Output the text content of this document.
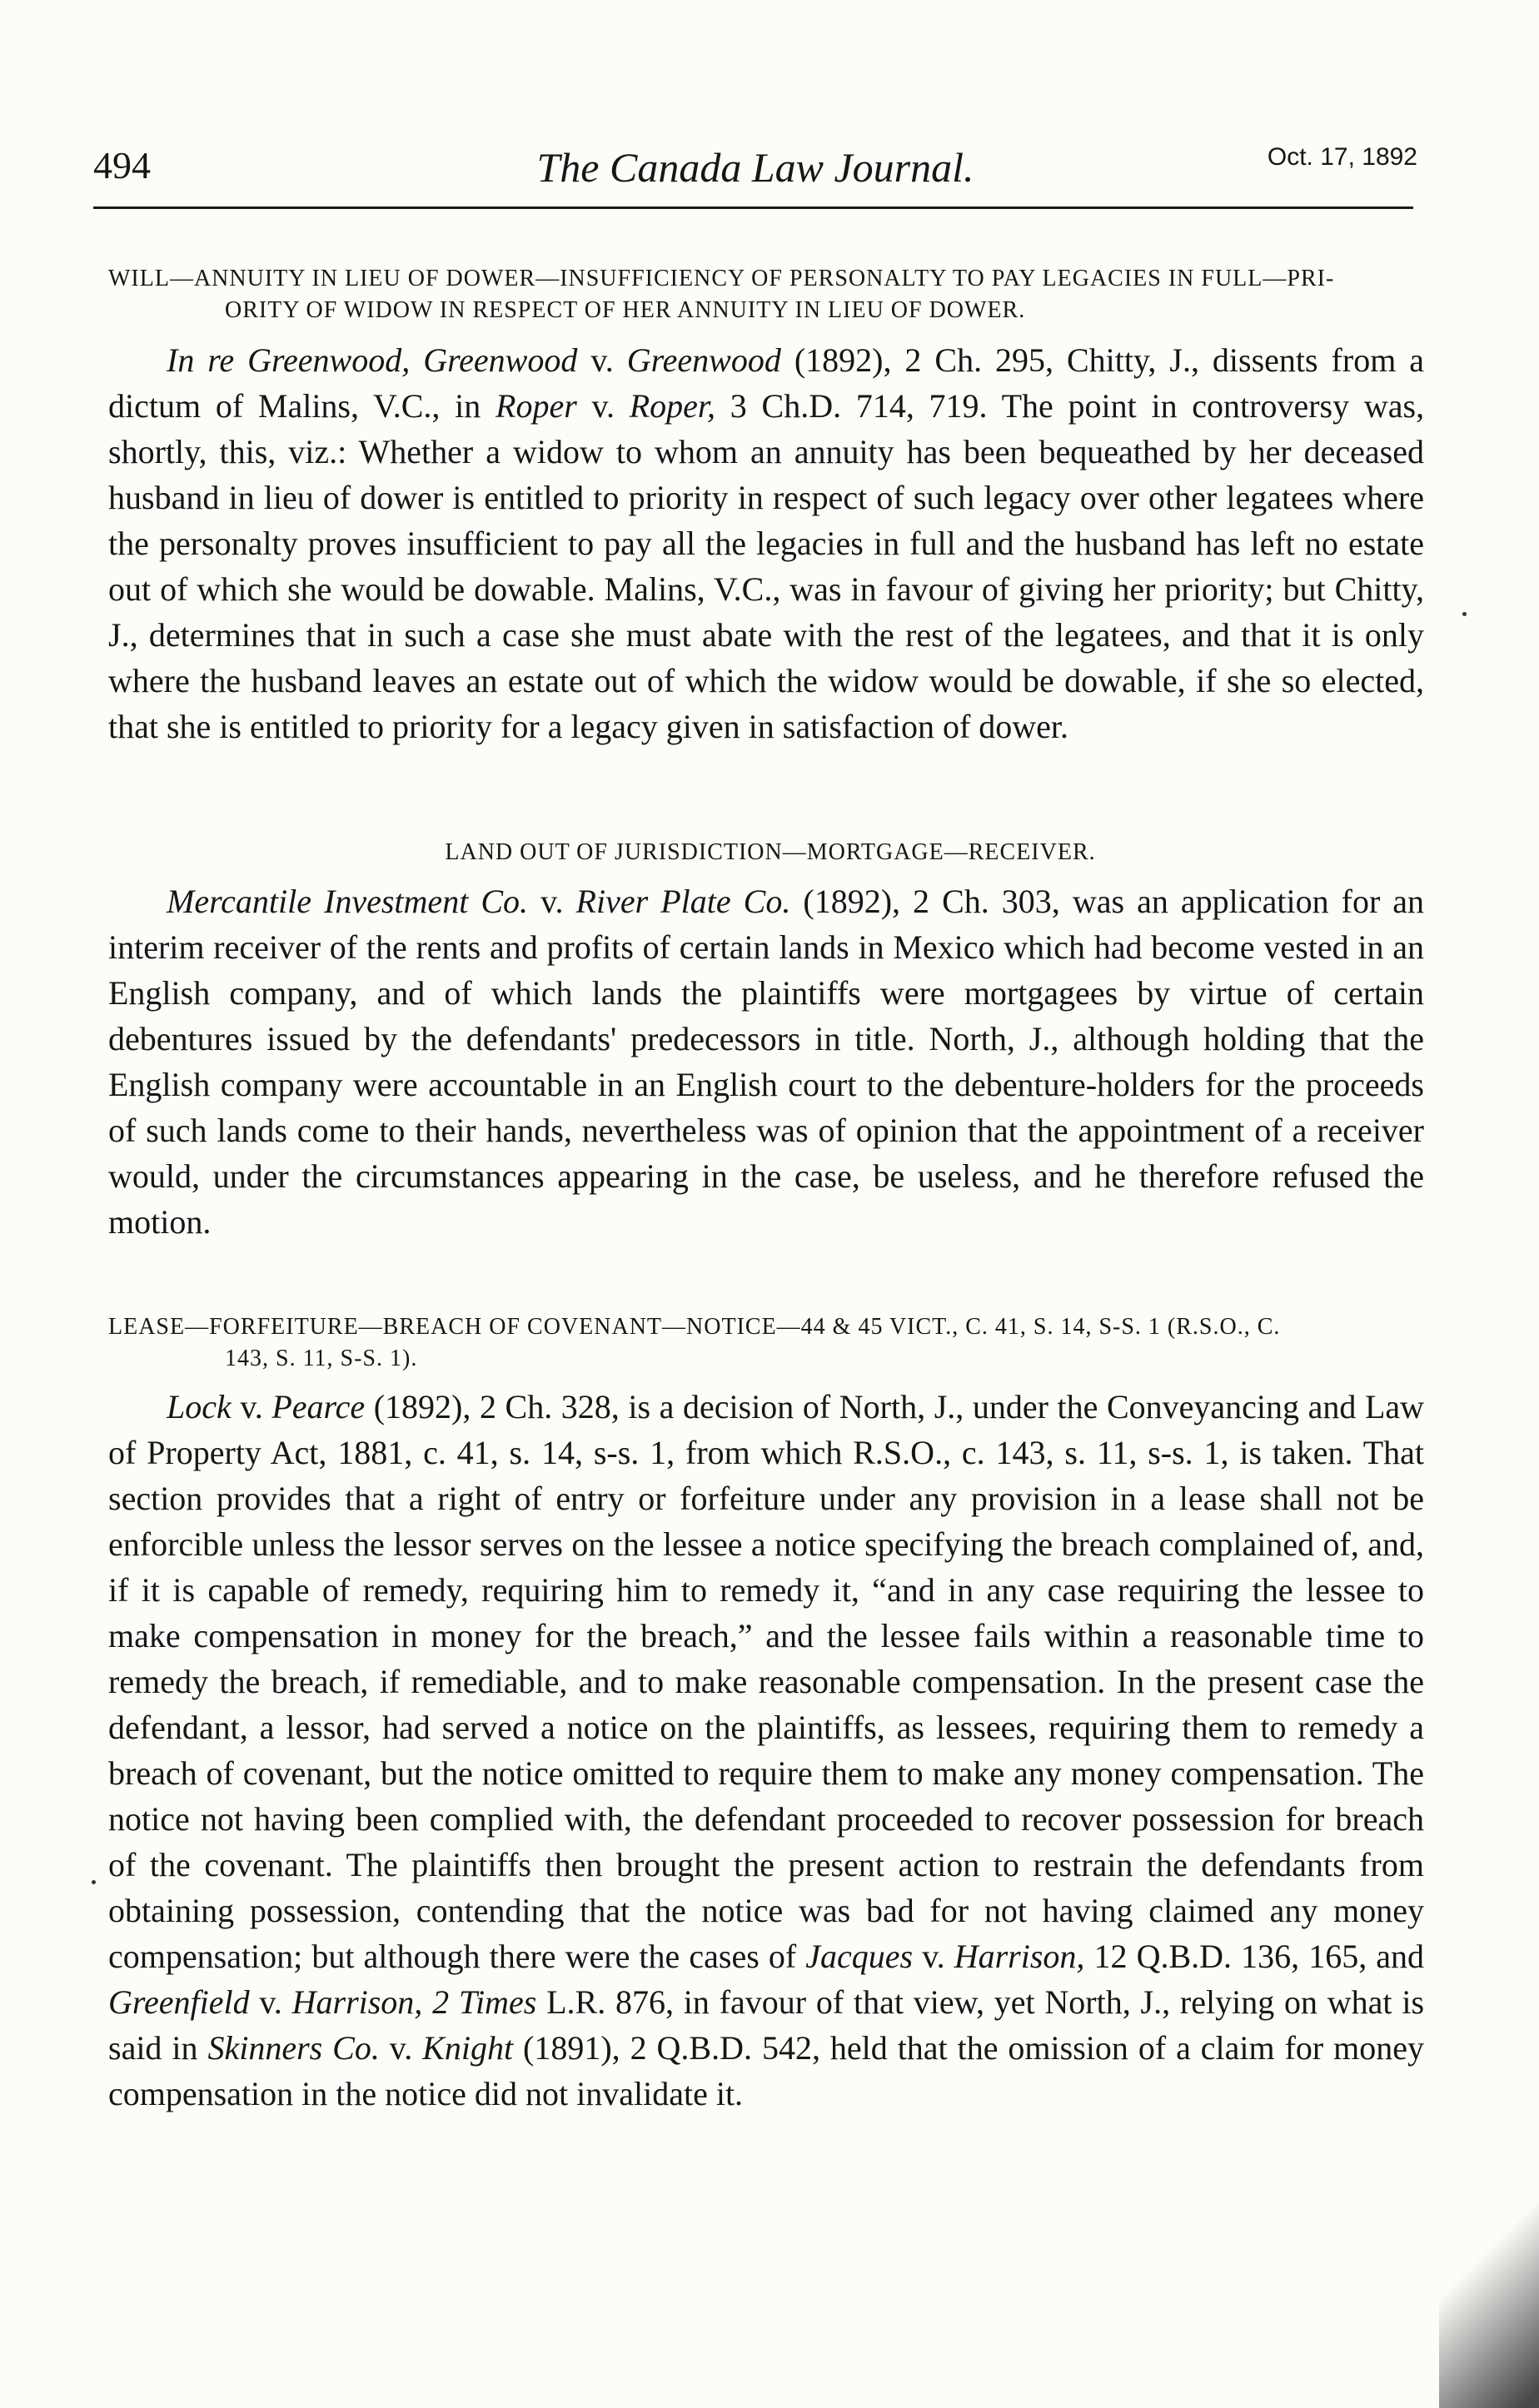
494	The Canada Law Journal.	Oct. 17, 1892
WILL—ANNUITY IN LIEU OF DOWER—INSUFFICIENCY OF PERSONALTY TO PAY LEGACIES IN FULL—PRI-
ORITY OF WIDOW IN RESPECT OF HER ANNUITY IN LIEU OF DOWER.

In re Greenwood, Greenwood v. Greenwood (1892), 2 Ch. 295, Chitty, J., dissents from a dictum of Malins, V.C., in Roper v. Roper, 3 Ch.D. 714, 719. The point in controversy was, shortly, this, viz.: Whether a widow to whom an annuity has been bequeathed by her deceased husband in lieu of dower is entitled to priority in respect of such legacy over other legatees where the personalty proves insufficient to pay all the legacies in full and the husband has left no estate out of which she would be dowable. Malins, V.C., was in favour of giving her priority; but Chitty, J., determines that in such a case she must abate with the rest of the legatees, and that it is only where the husband leaves an estate out of which the widow would be dowable, if she so elected, that she is entitled to priority for a legacy given in satisfaction of dower.

LAND OUT OF JURISDICTION—MORTGAGE—RECEIVER.

Mercantile Investment Co. v. River Plate Co. (1892), 2 Ch. 303, was an application for an interim receiver of the rents and profits of certain lands in Mexico which had become vested in an English company, and of which lands the plaintiffs were mortgagees by virtue of certain debentures issued by the defendants' predecessors in title. North, J., although holding that the English company were accountable in an English court to the debenture-holders for the proceeds of such lands come to their hands, nevertheless was of opinion that the appointment of a receiver would, under the circumstances appearing in the case, be useless, and he therefore refused the motion.

LEASE—FORFEITURE—BREACH OF COVENANT—NOTICE—44 & 45 VICT., C. 41, S. 14, S-S. 1 (R.S.O., C.
143, S. 11, S-S. 1).

Lock v. Pearce (1892), 2 Ch. 328, is a decision of North, J., under the Conveyancing and Law of Property Act, 1881, c. 41, s. 14, s-s. 1, from which R.S.O., c. 143, s. 11, s-s. 1, is taken. That section provides that a right of entry or forfeiture under any provision in a lease shall not be enforcible unless the lessor serves on the lessee a notice specifying the breach complained of, and, if it is capable of remedy, requiring him to remedy it, “and in any case requiring the lessee to make compensation in money for the breach,” and the lessee fails within a reasonable time to remedy the breach, if remediable, and to make reasonable compensation. In the present case the defendant, a lessor, had served a notice on the plaintiffs, as lessees, requiring them to remedy a breach of covenant, but the notice omitted to require them to make any money compensation. The notice not having been complied with, the defendant proceeded to recover possession for breach of the covenant. The plaintiffs then brought the present action to restrain the defendants from obtaining possession, contending that the notice was bad for not having claimed any money compensation; but although there were the cases of Jacques v. Harrison, 12 Q.B.D. 136, 165, and Greenfield v. Harrison, 2 Times L.R. 876, in favour of that view, yet North, J., relying on what is said in Skinners Co. v. Knight (1891), 2 Q.B.D. 542, held that the omission of a claim for money compensation in the notice did not invalidate it.
